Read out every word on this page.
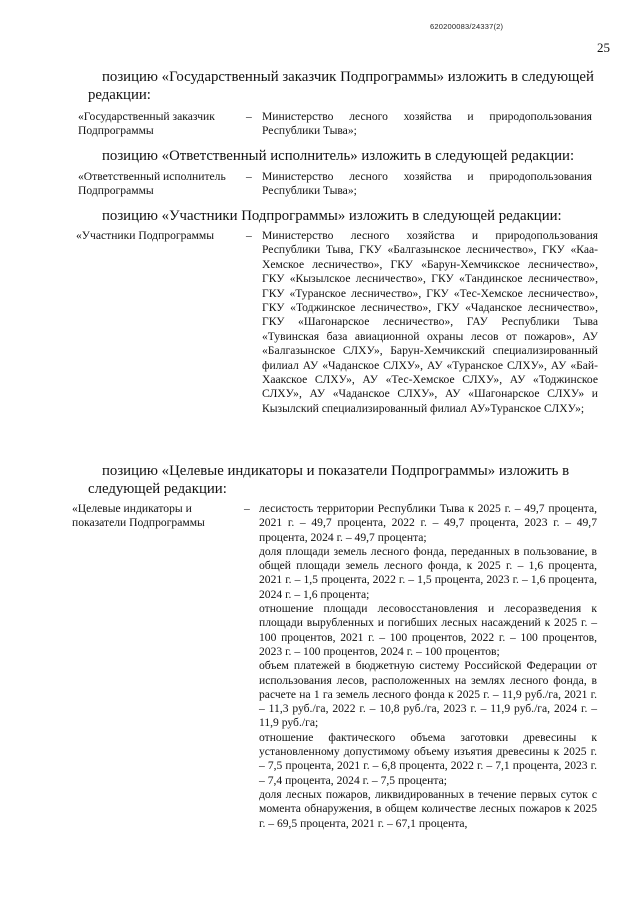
620200083/24337(2)
25
позицию «Государственный заказчик Подпрограммы» изложить в следующей редакции:
«Государственный заказчик Подпрограммы
– Министерство лесного хозяйства и природопользования Республики Тыва»;
позицию «Ответственный исполнитель» изложить в следующей редакции:
«Ответственный исполнитель Подпрограммы
– Министерство лесного хозяйства и природопользования Республики Тыва»;
позицию «Участники Подпрограммы» изложить в следующей редакции:
«Участники Подпрограммы	– Министерство лесного хозяйства и природопользования Республики Тыва, ГКУ «Балгазынское лесничество», ГКУ «Каа-Хемское лесничество», ГКУ «Барун-Хемчикское лесничество», ГКУ «Кызылское лесничество», ГКУ «Тандинское лесничество», ГКУ «Туранское лесничество», ГКУ «Тес-Хемское лесничество», ГКУ «Тоджинское лесничество», ГКУ «Чаданское лесничество», ГКУ «Шагонарское лесничество», ГАУ Республики Тыва «Тувинская база авиационной охраны лесов от пожаров», АУ «Балгазынское СЛХУ», Барун-Хемчикский специализированный филиал АУ «Чаданское СЛХУ», АУ «Туранское СЛХУ», АУ «Бай-Хаакское СЛХУ», АУ «Тес-Хемское СЛХУ», АУ «Тоджинское СЛХУ», АУ «Чаданское СЛХУ», АУ «Шагонарское СЛХУ» и Кызылский специализированный филиал АУ»Туранское СЛХУ»;
позицию «Целевые индикаторы и показатели Подпрограммы» изложить в следующей редакции:
«Целевые индикаторы и показатели Подпрограммы
– лесистость территории Республики Тыва к 2025 г. – 49,7 процента, 2021 г. – 49,7 процента, 2022 г. – 49,7 процента, 2023 г. – 49,7 процента, 2024 г. – 49,7 процента;

доля площади земель лесного фонда, переданных в пользование, в общей площади земель лесного фонда, к 2025 г. – 1,6 процента, 2021 г. – 1,5 процента, 2022 г. – 1,5 процента, 2023 г. – 1,6 процента, 2024 г. – 1,6 процента;

отношение площади лесовосстановления и лесоразведения к площади вырубленных и погибших лесных насаждений к 2025 г. – 100 процентов, 2021 г. – 100 процентов, 2022 г. – 100 процентов, 2023 г. – 100 процентов, 2024 г. – 100 процентов;

объем платежей в бюджетную систему Российской Федерации от использования лесов, расположенных на землях лесного фонда, в расчете на 1 га земель лесного фонда к 2025 г. – 11,9 руб./га, 2021 г. – 11,3 руб./га, 2022 г. – 10,8 руб./га, 2023 г. – 11,9 руб./га, 2024 г. – 11,9 руб./га;

отношение фактического объема заготовки древесины к установленному допустимому объему изъятия древесины к 2025 г. – 7,5 процента, 2021 г. – 6,8 процента, 2022 г. – 7,1 процента, 2023 г. – 7,4 процента, 2024 г. – 7,5 процента;

доля лесных пожаров, ликвидированных в течение первых суток с момента обнаружения, в общем количестве лесных пожаров к 2025 г. – 69,5 процента, 2021 г. – 67,1 процента,
